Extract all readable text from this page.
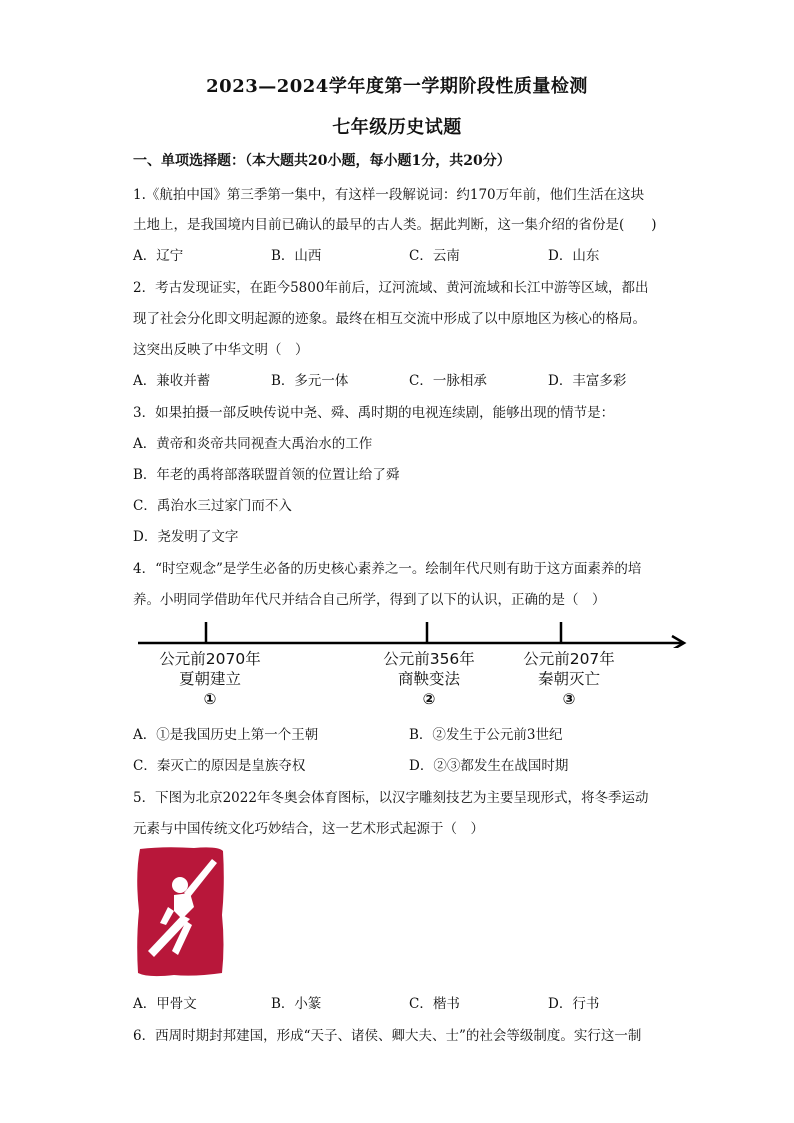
2023—2024学年度第一学期阶段性质量检测
七年级历史试题
一、单项选择题：（本大题共20小题，每小题1分，共20分）
1.《航拍中国》第三季第一集中，有这样一段解说词：约170万年前，他们生活在这块
土地上，是我国境内目前已确认的最早的古人类。据此判断，这一集介绍的省份是(　　)
A．辽宁	B．山西	C．云南	D．山东
2．考古发现证实，在距今5800年前后，辽河流域、黄河流域和长江中游等区域，都出
现了社会分化即文明起源的迹象。最终在相互交流中形成了以中原地区为核心的格局。
这突出反映了中华文明（　）
A．兼收并蓄	B．多元一体	C．一脉相承	D．丰富多彩
3．如果拍摄一部反映传说中尧、舜、禹时期的电视连续剧，能够出现的情节是：
A．黄帝和炎帝共同视查大禹治水的工作
B．年老的禹将部落联盟首领的位置让给了舜
C．禹治水三过家门而不入
D．尧发明了文字
4．“时空观念”是学生必备的历史核心素养之一。绘制年代尺则有助于这方面素养的培
养。小明同学借助年代尺并结合自己所学，得到了以下的认识，正确的是（　）
公元前2070年
夏朝建立
①
公元前356年
商鞅变法
②
公元前207年
秦朝灭亡
③
A．①是我国历史上第一个王朝	B．②发生于公元前3世纪
C．秦灭亡的原因是皇族夺权	D．②③都发生在战国时期
5．下图为北京2022年冬奥会体育图标，以汉字雕刻技艺为主要呈现形式，将冬季运动
元素与中国传统文化巧妙结合，这一艺术形式起源于（　）
A．甲骨文	B．小篆	C．楷书	D．行书
6．西周时期封邦建国，形成“天子、诸侯、卿大夫、士”的社会等级制度。实行这一制
